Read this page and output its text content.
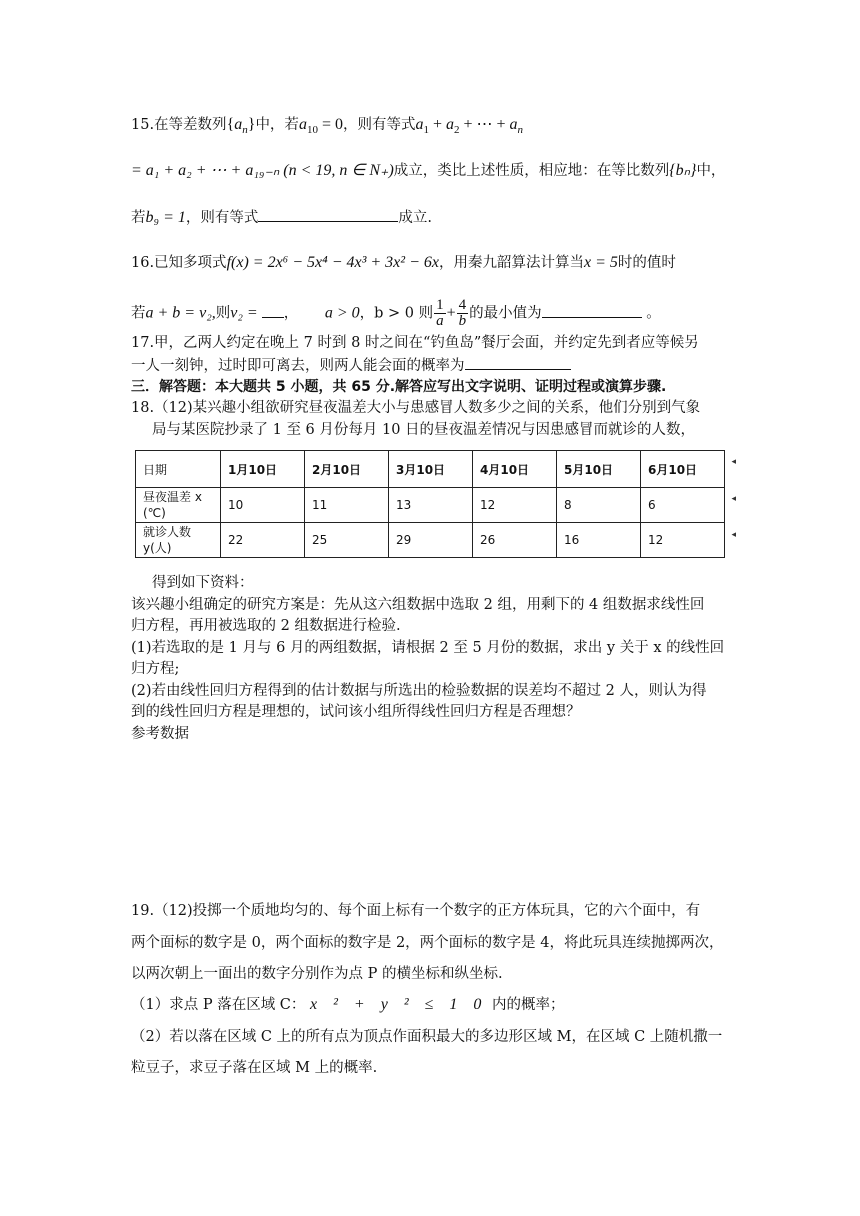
15.在等差数列$\{a_n\}$中，若$a_{10} = 0$，则有等式$a_1 + a_2$ + ⋯ + $a_n$
= a₁ + a₂ + ⋯ + a₁₉₋ₙ (n < 19, n ∈ N₊)成立，类比上述性质，相应地：在等比数列{bₙ}中，
若b₉ = 1，则有等式	成立.
16.已知多项式f(x) = 2x⁶ − 5x⁴ − 4x³ + 3x² − 6x，用秦九韶算法计算当x = 5时的值时
若a + b = v₂,则v₂ = ， a > 0，b > 0 则 $\frac{1}{a} + \frac{4}{b}$ 的最小值为	。
17.甲，乙两人约定在晚上 7 时到 8 时之间在“钓鱼岛”餐厅会面，并约定先到者应等候另
一人一刻钟，过时即可离去，则两人能会面的概率为
三．解答题：本大题共 5 小题，共 65 分.解答应写出文字说明、证明过程或演算步骤.
18.（12)某兴趣小组欲研究昼夜温差大小与患感冒人数多少之间的关系，他们分别到气象
局与某医院抄录了 1 至 6 月份每月 10 日的昼夜温差情况与因患感冒而就诊的人数，
日期	1月10日	2月10日	3月10日	4月10日	5月10日	6月10日
昼夜温差 x
(℃)	10	11	13	12	8	6
就诊人数
y(人)	22	25	29	26	16	12
◂
◂
◂
得到如下资料：
该兴趣小组确定的研究方案是：先从这六组数据中选取 2 组，用剩下的 4 组数据求线性回
归方程，再用被选取的 2 组数据进行检验.
(1)若选取的是 1 月与 6 月的两组数据，请根据 2 至 5 月份的数据，求出 y 关于 x 的线性回
归方程;
(2)若由线性回归方程得到的估计数据与所选出的检验数据的误差均不超过 2 人，则认为得
到的线性回归方程是理想的，试问该小组所得线性回归方程是否理想？
参考数据
19.（12)投掷一个质地均匀的、每个面上标有一个数字的正方体玩具，它的六个面中，有
两个面标的数字是 0，两个面标的数字是 2，两个面标的数字是 4，将此玩具连续抛掷两次，
以两次朝上一面出的数字分别作为点 P 的横坐标和纵坐标.
（1）求点 P 落在区域 C： x ² + y ² ≤ 1 0 内的概率；
（2）若以落在区域 C 上的所有点为顶点作面积最大的多边形区域 M，在区域 C 上随机撒一
粒豆子，求豆子落在区域 M 上的概率.
